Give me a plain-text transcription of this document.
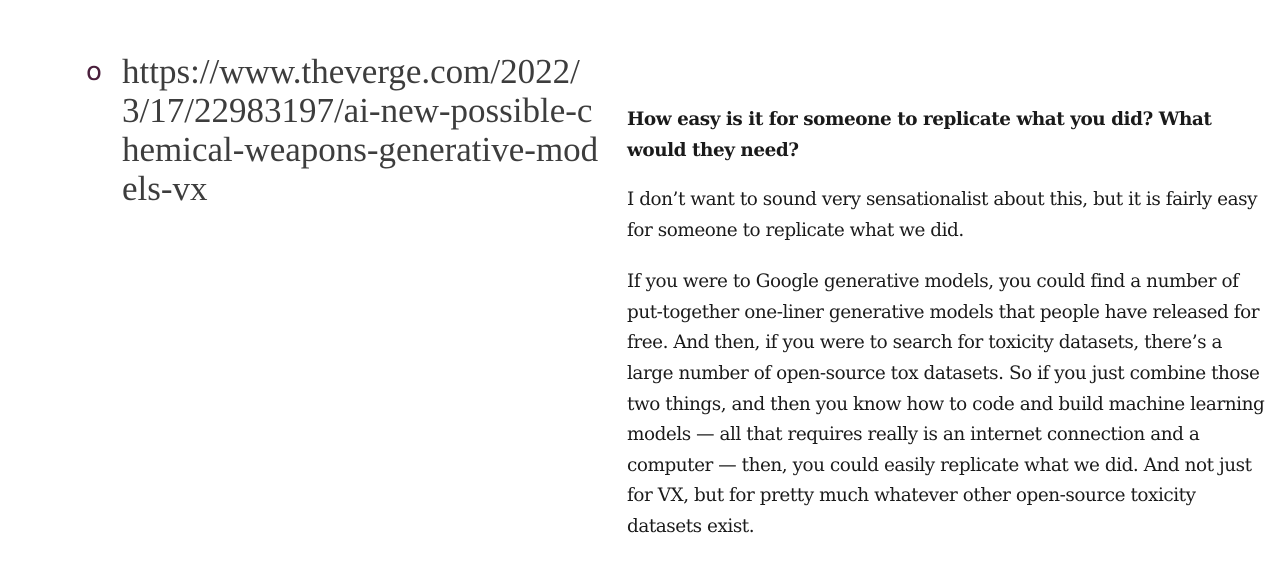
o https://www.theverge.com/2022/3/17/22983197/ai-new-possible-chemical-weapons-generative-models-vx

How easy is it for someone to replicate what you did? What would they need?

I don’t want to sound very sensationalist about this, but it is fairly easy for someone to replicate what we did.

If you were to Google generative models, you could find a number of put-together one-liner generative models that people have released for free. And then, if you were to search for toxicity datasets, there’s a large number of open-source tox datasets. So if you just combine those two things, and then you know how to code and build machine learning models — all that requires really is an internet connection and a computer — then, you could easily replicate what we did. And not just for VX, but for pretty much whatever other open-source toxicity datasets exist.
